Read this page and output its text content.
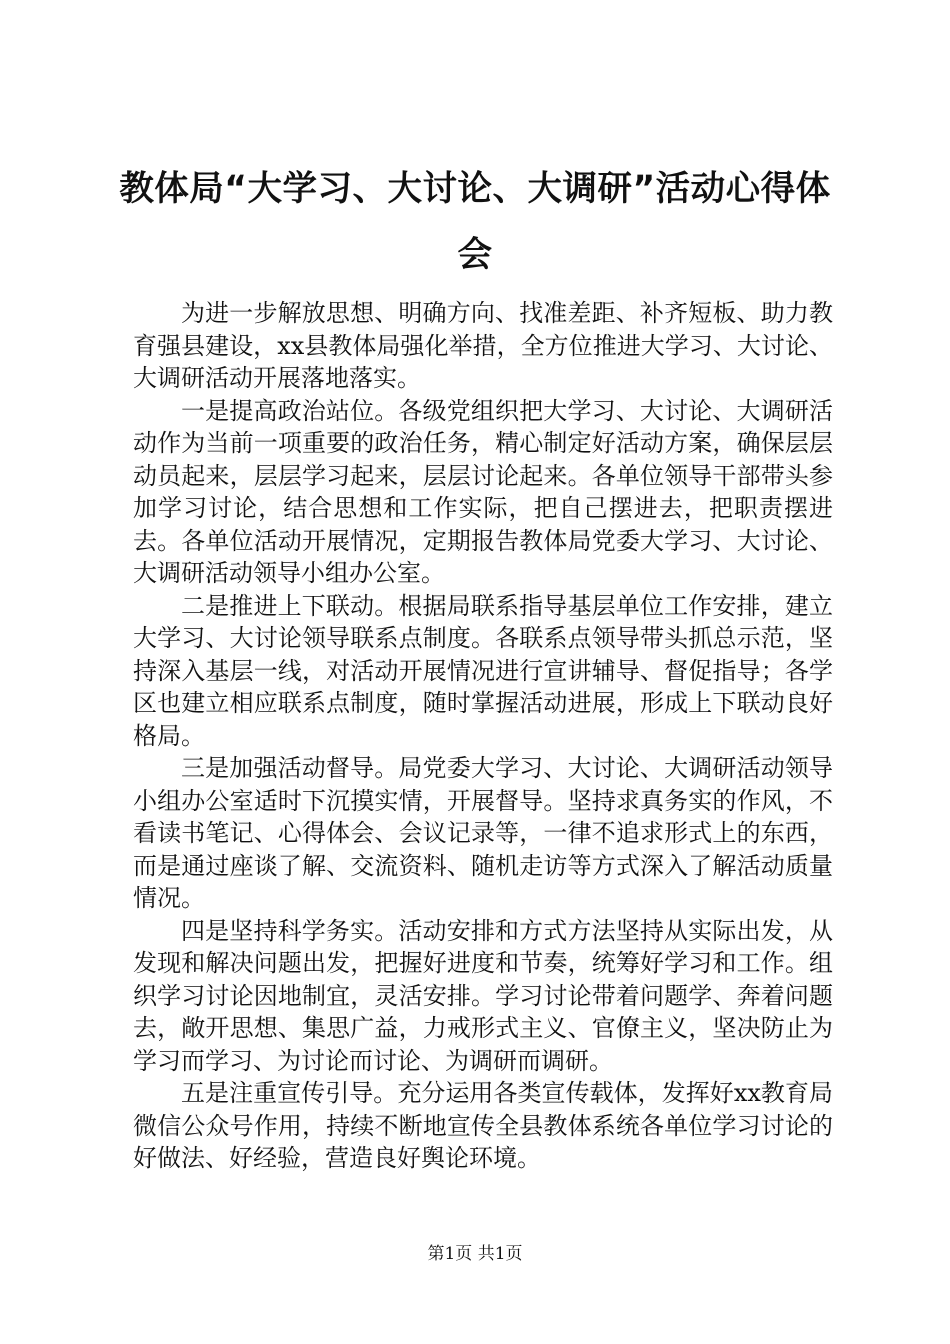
教体局“大学习、大讨论、大调研”活动心得体会

为进一步解放思想、明确方向、找准差距、补齐短板、助力教育强县建设，xx县教体局强化举措，全方位推进大学习、大讨论、大调研活动开展落地落实。

一是提高政治站位。各级党组织把大学习、大讨论、大调研活动作为当前一项重要的政治任务，精心制定好活动方案，确保层层动员起来，层层学习起来，层层讨论起来。各单位领导干部带头参加学习讨论，结合思想和工作实际，把自己摆进去，把职责摆进去。各单位活动开展情况，定期报告教体局党委大学习、大讨论、大调研活动领导小组办公室。

二是推进上下联动。根据局联系指导基层单位工作安排，建立大学习、大讨论领导联系点制度。各联系点领导带头抓总示范，坚持深入基层一线，对活动开展情况进行宣讲辅导、督促指导；各学区也建立相应联系点制度，随时掌握活动进展，形成上下联动良好格局。

三是加强活动督导。局党委大学习、大讨论、大调研活动领导小组办公室适时下沉摸实情，开展督导。坚持求真务实的作风，不看读书笔记、心得体会、会议记录等，一律不追求形式上的东西，而是通过座谈了解、交流资料、随机走访等方式深入了解活动质量情况。

四是坚持科学务实。活动安排和方式方法坚持从实际出发，从发现和解决问题出发，把握好进度和节奏，统筹好学习和工作。组织学习讨论因地制宜，灵活安排。学习讨论带着问题学、奔着问题去，敞开思想、集思广益，力戒形式主义、官僚主义，坚决防止为学习而学习、为讨论而讨论、为调研而调研。

五是注重宣传引导。充分运用各类宣传载体，发挥好xx教育局微信公众号作用，持续不断地宣传全县教体系统各单位学习讨论的好做法、好经验，营造良好舆论环境。

第1页 共1页
